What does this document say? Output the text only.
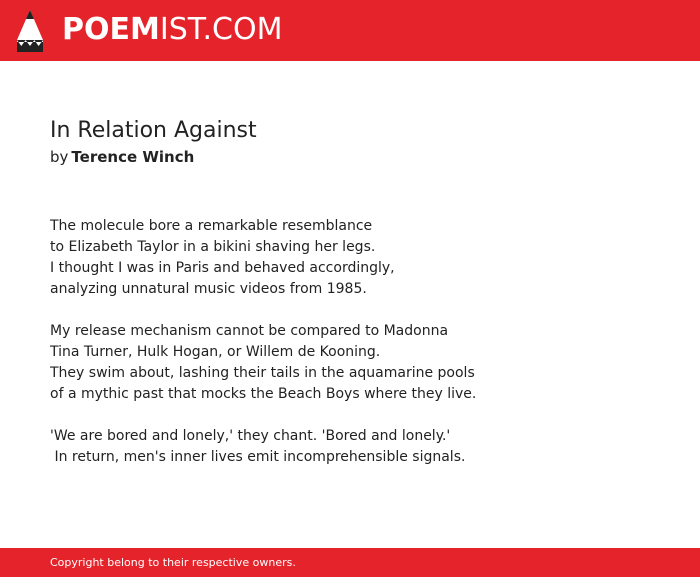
POEMIST.COM
In Relation Against

by Terence Winch

The molecule bore a remarkable resemblance
to Elizabeth Taylor in a bikini shaving her legs.
I thought I was in Paris and behaved accordingly,
analyzing unnatural music videos from 1985.

My release mechanism cannot be compared to Madonna
Tina Turner, Hulk Hogan, or Willem de Kooning.
They swim about, lashing their tails in the aquamarine pools
of a mythic past that mocks the Beach Boys where they live.

'We are bored and lonely,' they chant. 'Bored and lonely.'
In return, men's inner lives emit incomprehensible signals.

Copyright belong to their respective owners.
